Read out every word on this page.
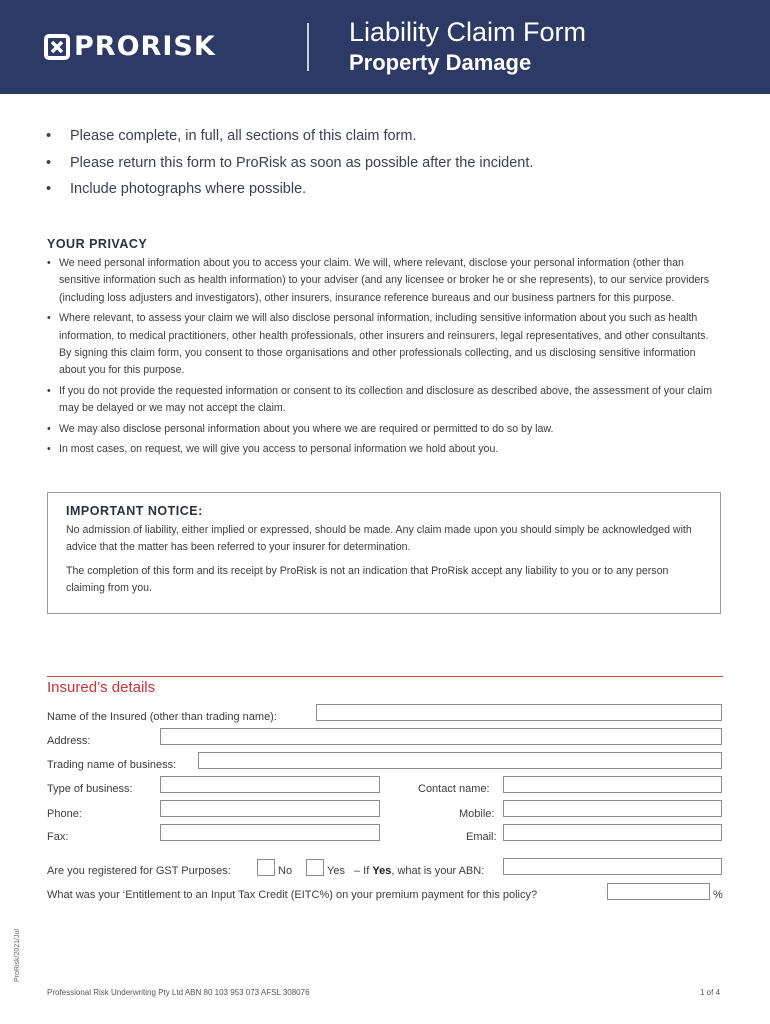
PRORISK	Liability Claim Form
Property Damage
• Please complete, in full, all sections of this claim form.
• Please return this form to ProRisk as soon as possible after the incident.
• Include photographs where possible.
YOUR PRIVACY
• We need personal information about you to access your claim. We will, where relevant, disclose your personal information (other than sensitive information such as health information) to your adviser (and any licensee or broker he or she represents), to our service providers (including loss adjusters and investigators), other insurers, insurance reference bureaus and our business partners for this purpose.
• Where relevant, to assess your claim we will also disclose personal information, including sensitive information about you such as health information, to medical practitioners, other health professionals, other insurers and reinsurers, legal representatives, and other consultants. By signing this claim form, you consent to those organisations and other professionals collecting, and us disclosing sensitive information about you for this purpose.
• If you do not provide the requested information or consent to its collection and disclosure as described above, the assessment of your claim may be delayed or we may not accept the claim.
• We may also disclose personal information about you where we are required or permitted to do so by law.
• In most cases, on request, we will give you access to personal information we hold about you.
IMPORTANT NOTICE:

No admission of liability, either implied or expressed, should be made. Any claim made upon you should simply be acknowledged with advice that the matter has been referred to your insurer for determination.

The completion of this form and its receipt by ProRisk is not an indication that ProRisk accept any liability to you or to any person claiming from you.

Insured’s details
Name of the Insured (other than trading name):
Address:
Trading name of business:
Type of business:	Contact name:
Phone:	Mobile:
Fax:	Email:
Are you registered for GST Purposes:	No	Yes – If Yes, what is your ABN:
What was your ‘Entitlement to an Input Tax Credit (EITC%) on your premium payment for this policy?	%
ProRisk/2021/Jul
Professional Risk Underwriting Pty Ltd ABN 80 103 953 073 AFSL 308076	1 of 4
